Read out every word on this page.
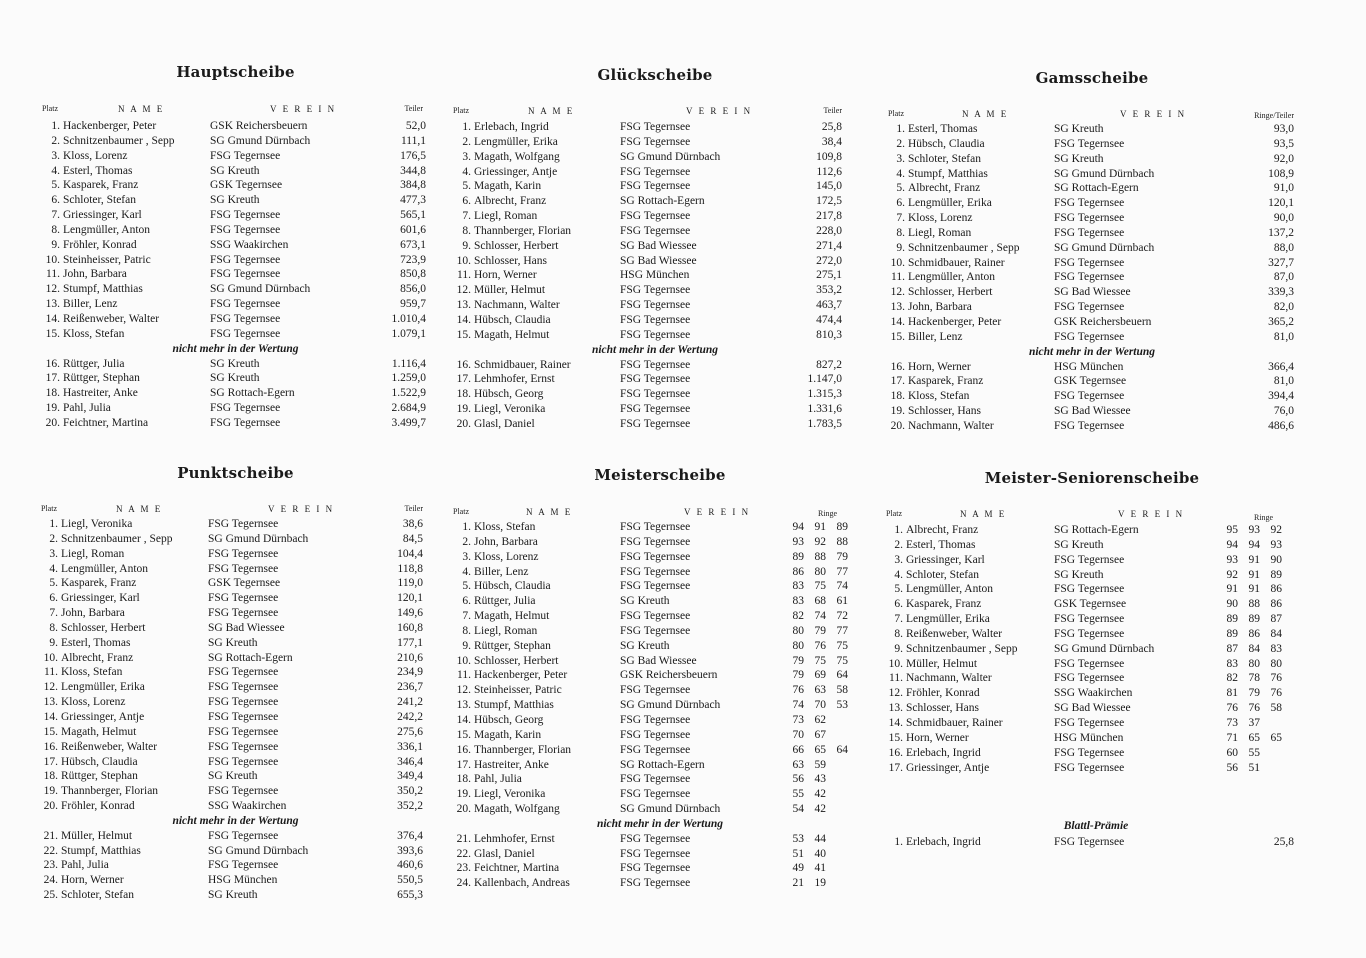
Hauptscheibe
Platz	N A M E	V E R E I N	Teiler
1. Hackenberger, Peter	GSK Reichersbeuern	52,0
2. Schnitzenbaumer , Sepp	SG Gmund Dürnbach	111,1
3. Kloss, Lorenz	FSG Tegernsee	176,5
4. Esterl, Thomas	SG Kreuth	344,8
5. Kasparek, Franz	GSK Tegernsee	384,8
6. Schloter, Stefan	SG Kreuth	477,3
7. Griessinger, Karl	FSG Tegernsee	565,1
8. Lengmüller, Anton	FSG Tegernsee	601,6
9. Fröhler, Konrad	SSG Waakirchen	673,1
10. Steinheisser, Patric	FSG Tegernsee	723,9
11. John, Barbara	FSG Tegernsee	850,8
12. Stumpf, Matthias	SG Gmund Dürnbach	856,0
13. Biller, Lenz	FSG Tegernsee	959,7
14. Reißenweber, Walter	FSG Tegernsee	1.010,4
15. Kloss, Stefan	FSG Tegernsee	1.079,1
nicht mehr in der Wertung
16. Rüttger, Julia	SG Kreuth	1.116,4
17. Rüttger, Stephan	SG Kreuth	1.259,0
18. Hastreiter, Anke	SG Rottach-Egern	1.522,9
19. Pahl, Julia	FSG Tegernsee	2.684,9
20. Feichtner, Martina	FSG Tegernsee	3.499,7
Glückscheibe
Platz	N A M E	V E R E I N	Teiler
1. Erlebach, Ingrid	FSG Tegernsee	25,8
2. Lengmüller, Erika	FSG Tegernsee	38,4
3. Magath, Wolfgang	SG Gmund Dürnbach	109,8
4. Griessinger, Antje	FSG Tegernsee	112,6
5. Magath, Karin	FSG Tegernsee	145,0
6. Albrecht, Franz	SG Rottach-Egern	172,5
7. Liegl, Roman	FSG Tegernsee	217,8
8. Thannberger, Florian	FSG Tegernsee	228,0
9. Schlosser, Herbert	SG Bad Wiessee	271,4
10. Schlosser, Hans	SG Bad Wiessee	272,0
11. Horn, Werner	HSG München	275,1
12. Müller, Helmut	FSG Tegernsee	353,2
13. Nachmann, Walter	FSG Tegernsee	463,7
14. Hübsch, Claudia	FSG Tegernsee	474,4
15. Magath, Helmut	FSG Tegernsee	810,3
nicht mehr in der Wertung
16. Schmidbauer, Rainer	FSG Tegernsee	827,2
17. Lehmhofer, Ernst	FSG Tegernsee	1.147,0
18. Hübsch, Georg	FSG Tegernsee	1.315,3
19. Liegl, Veronika	FSG Tegernsee	1.331,6
20. Glasl, Daniel	FSG Tegernsee	1.783,5
Gamsscheibe
Platz	N A M E	V E R E I N	Ringe/Teiler
1. Esterl, Thomas	SG Kreuth	93,0
2. Hübsch, Claudia	FSG Tegernsee	93,5
3. Schloter, Stefan	SG Kreuth	92,0
4. Stumpf, Matthias	SG Gmund Dürnbach	108,9
5. Albrecht, Franz	SG Rottach-Egern	91,0
6. Lengmüller, Erika	FSG Tegernsee	120,1
7. Kloss, Lorenz	FSG Tegernsee	90,0
8. Liegl, Roman	FSG Tegernsee	137,2
9. Schnitzenbaumer , Sepp	SG Gmund Dürnbach	88,0
10. Schmidbauer, Rainer	FSG Tegernsee	327,7
11. Lengmüller, Anton	FSG Tegernsee	87,0
12. Schlosser, Herbert	SG Bad Wiessee	339,3
13. John, Barbara	FSG Tegernsee	82,0
14. Hackenberger, Peter	GSK Reichersbeuern	365,2
15. Biller, Lenz	FSG Tegernsee	81,0
nicht mehr in der Wertung
16. Horn, Werner	HSG München	366,4
17. Kasparek, Franz	GSK Tegernsee	81,0
18. Kloss, Stefan	FSG Tegernsee	394,4
19. Schlosser, Hans	SG Bad Wiessee	76,0
20. Nachmann, Walter	FSG Tegernsee	486,6
Punktscheibe
Platz	N A M E	V E R E I N	Teiler
1. Liegl, Veronika	FSG Tegernsee	38,6
2. Schnitzenbaumer , Sepp	SG Gmund Dürnbach	84,5
3. Liegl, Roman	FSG Tegernsee	104,4
4. Lengmüller, Anton	FSG Tegernsee	118,8
5. Kasparek, Franz	GSK Tegernsee	119,0
6. Griessinger, Karl	FSG Tegernsee	120,1
7. John, Barbara	FSG Tegernsee	149,6
8. Schlosser, Herbert	SG Bad Wiessee	160,8
9. Esterl, Thomas	SG Kreuth	177,1
10. Albrecht, Franz	SG Rottach-Egern	210,6
11. Kloss, Stefan	FSG Tegernsee	234,9
12. Lengmüller, Erika	FSG Tegernsee	236,7
13. Kloss, Lorenz	FSG Tegernsee	241,2
14. Griessinger, Antje	FSG Tegernsee	242,2
15. Magath, Helmut	FSG Tegernsee	275,6
16. Reißenweber, Walter	FSG Tegernsee	336,1
17. Hübsch, Claudia	FSG Tegernsee	346,4
18. Rüttger, Stephan	SG Kreuth	349,4
19. Thannberger, Florian	FSG Tegernsee	350,2
20. Fröhler, Konrad	SSG Waakirchen	352,2
nicht mehr in der Wertung
21. Müller, Helmut	FSG Tegernsee	376,4
22. Stumpf, Matthias	SG Gmund Dürnbach	393,6
23. Pahl, Julia	FSG Tegernsee	460,6
24. Horn, Werner	HSG München	550,5
25. Schloter, Stefan	SG Kreuth	655,3
Meisterscheibe
Platz	N A M E	V E R E I N	Ringe
1. Kloss, Stefan	FSG Tegernsee	94 91 89
2. John, Barbara	FSG Tegernsee	93 92 88
3. Kloss, Lorenz	FSG Tegernsee	89 88 79
4. Biller, Lenz	FSG Tegernsee	86 80 77
5. Hübsch, Claudia	FSG Tegernsee	83 75 74
6. Rüttger, Julia	SG Kreuth	83 68 61
7. Magath, Helmut	FSG Tegernsee	82 74 72
8. Liegl, Roman	FSG Tegernsee	80 79 77
9. Rüttger, Stephan	SG Kreuth	80 76 75
10. Schlosser, Herbert	SG Bad Wiessee	79 75 75
11. Hackenberger, Peter	GSK Reichersbeuern	79 69 64
12. Steinheisser, Patric	FSG Tegernsee	76 63 58
13. Stumpf, Matthias	SG Gmund Dürnbach	74 70 53
14. Hübsch, Georg	FSG Tegernsee	73 62
15. Magath, Karin	FSG Tegernsee	70 67
16. Thannberger, Florian	FSG Tegernsee	66 65 64
17. Hastreiter, Anke	SG Rottach-Egern	63 59
18. Pahl, Julia	FSG Tegernsee	56 43
19. Liegl, Veronika	FSG Tegernsee	55 42
20. Magath, Wolfgang	SG Gmund Dürnbach	54 42
nicht mehr in der Wertung
21. Lehmhofer, Ernst	FSG Tegernsee	53 44
22. Glasl, Daniel	FSG Tegernsee	51 40
23. Feichtner, Martina	FSG Tegernsee	49 41
24. Kallenbach, Andreas	FSG Tegernsee	21 19
Meister-Seniorenscheibe
Platz	N A M E	V E R E I N	Ringe
1. Albrecht, Franz	SG Rottach-Egern	95 93 92
2. Esterl, Thomas	SG Kreuth	94 94 93
3. Griessinger, Karl	FSG Tegernsee	93 91 90
4. Schloter, Stefan	SG Kreuth	92 91 89
5. Lengmüller, Anton	FSG Tegernsee	91 91 86
6. Kasparek, Franz	GSK Tegernsee	90 88 86
7. Lengmüller, Erika	FSG Tegernsee	89 89 87
8. Reißenweber, Walter	FSG Tegernsee	89 86 84
9. Schnitzenbaumer , Sepp	SG Gmund Dürnbach	87 84 83
10. Müller, Helmut	FSG Tegernsee	83 80 80
11. Nachmann, Walter	FSG Tegernsee	82 78 76
12. Fröhler, Konrad	SSG Waakirchen	81 79 76
13. Schlosser, Hans	SG Bad Wiessee	76 76 58
14. Schmidbauer, Rainer	FSG Tegernsee	73 37
15. Horn, Werner	HSG München	71 65 65
16. Erlebach, Ingrid	FSG Tegernsee	60 55
17. Griessinger, Antje	FSG Tegernsee	56 51
Blattl-Prämie
1. Erlebach, Ingrid	FSG Tegernsee	25,8
